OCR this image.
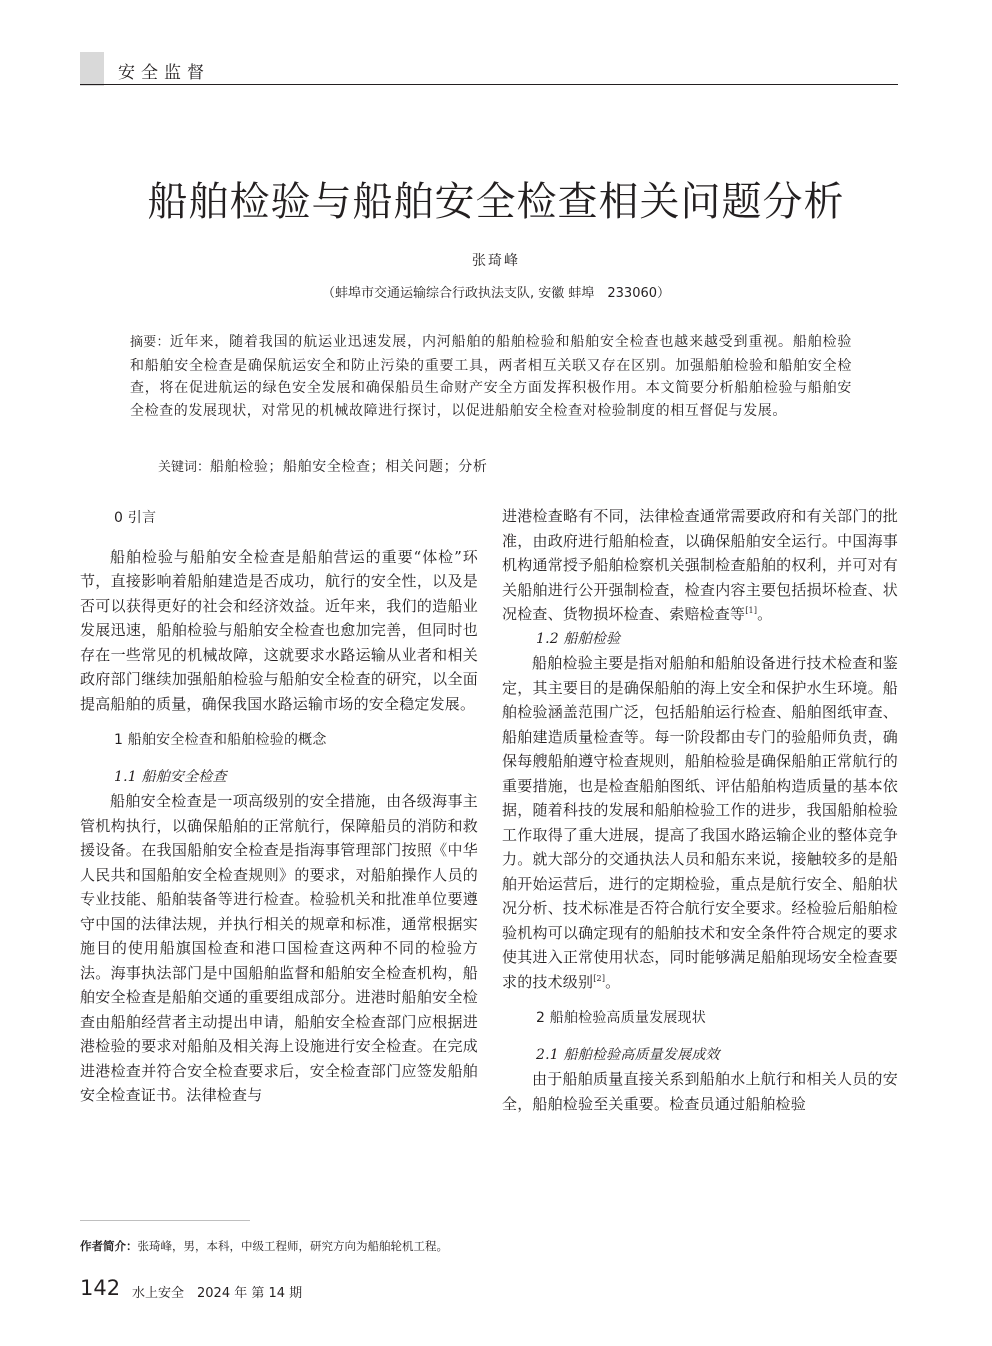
安全监督
船舶检验与船舶安全检查相关问题分析
张琦峰
（蚌埠市交通运输综合行政执法支队, 安徽 蚌埠　233060）
摘要：近年来，随着我国的航运业迅速发展，内河船舶的船舶检验和船舶安全检查也越来越受到重视。船舶检验和船舶安全检查是确保航运安全和防止污染的重要工具，两者相互关联又存在区别。加强船舶检验和船舶安全检查，将在促进航运的绿色安全发展和确保船员生命财产安全方面发挥积极作用。本文简要分析船舶检验与船舶安全检查的发展现状，对常见的机械故障进行探讨，以促进船舶安全检查对检验制度的相互督促与发展。
关键词：船舶检验；船舶安全检查；相关问题；分析
0 引言

船舶检验与船舶安全检查是船舶营运的重要“体检”环节，直接影响着船舶建造是否成功，航行的安全性，以及是否可以获得更好的社会和经济效益。近年来，我们的造船业发展迅速，船舶检验与船舶安全检查也愈加完善，但同时也存在一些常见的机械故障，这就要求水路运输从业者和相关政府部门继续加强船舶检验与船舶安全检查的研究，以全面提高船舶的质量，确保我国水路运输市场的安全稳定发展。

1 船舶安全检查和船舶检验的概念
1.1 船舶安全检查

船舶安全检查是一项高级别的安全措施，由各级海事主管机构执行，以确保船舶的正常航行，保障船员的消防和救援设备。在我国船舶安全检查是指海事管理部门按照《中华人民共和国船舶安全检查规则》的要求，对船舶操作人员的专业技能、船舶装备等进行检查。检验机关和批准单位要遵守中国的法律法规，并执行相关的规章和标准，通常根据实施目的使用船旗国检查和港口国检查这两种不同的检验方法。海事执法部门是中国船舶监督和船舶安全检查机构，船舶安全检查是船舶交通的重要组成部分。进港时船舶安全检查由船舶经营者主动提出申请，船舶安全检查部门应根据进港检验的要求对船舶及相关海上设施进行安全检查。在完成进港检查并符合安全检查要求后，安全检查部门应签发船舶安全检查证书。法律检查与

进港检查略有不同，法律检查通常需要政府和有关部门的批准，由政府进行船舶检查，以确保船舶安全运行。中国海事机构通常授予船舶检察机关强制检查船舶的权利，并可对有关船舶进行公开强制检查，检查内容主要包括损坏检查、状况检查、货物损坏检查、索赔检查等[1]。

1.2 船舶检验

船舶检验主要是指对船舶和船舶设备进行技术检查和鉴定，其主要目的是确保船舶的海上安全和保护水生环境。船舶检验涵盖范围广泛，包括船舶运行检查、船舶图纸审查、船舶建造质量检查等。每一阶段都由专门的验船师负责，确保每艘船舶遵守检查规则，船舶检验是确保船舶正常航行的重要措施，也是检查船舶图纸、评估船舶构造质量的基本依据，随着科技的发展和船舶检验工作的进步，我国船舶检验工作取得了重大进展，提高了我国水路运输企业的整体竞争力。就大部分的交通执法人员和船东来说，接触较多的是船舶开始运营后，进行的定期检验，重点是航行安全、船舶状况分析、技术标准是否符合航行安全要求。经检验后船舶检验机构可以确定现有的船舶技术和安全条件符合规定的要求使其进入正常使用状态，同时能够满足船舶现场安全检查要求的技术级别[2]。

2 船舶检验高质量发展现状
2.1 船舶检验高质量发展成效

由于船舶质量直接关系到船舶水上航行和相关人员的安全，船舶检验至关重要。检查员通过船舶检验

作者简介：张琦峰，男，本科，中级工程师，研究方向为船舶轮机工程。
142 水上安全　2024 年 第 14 期
